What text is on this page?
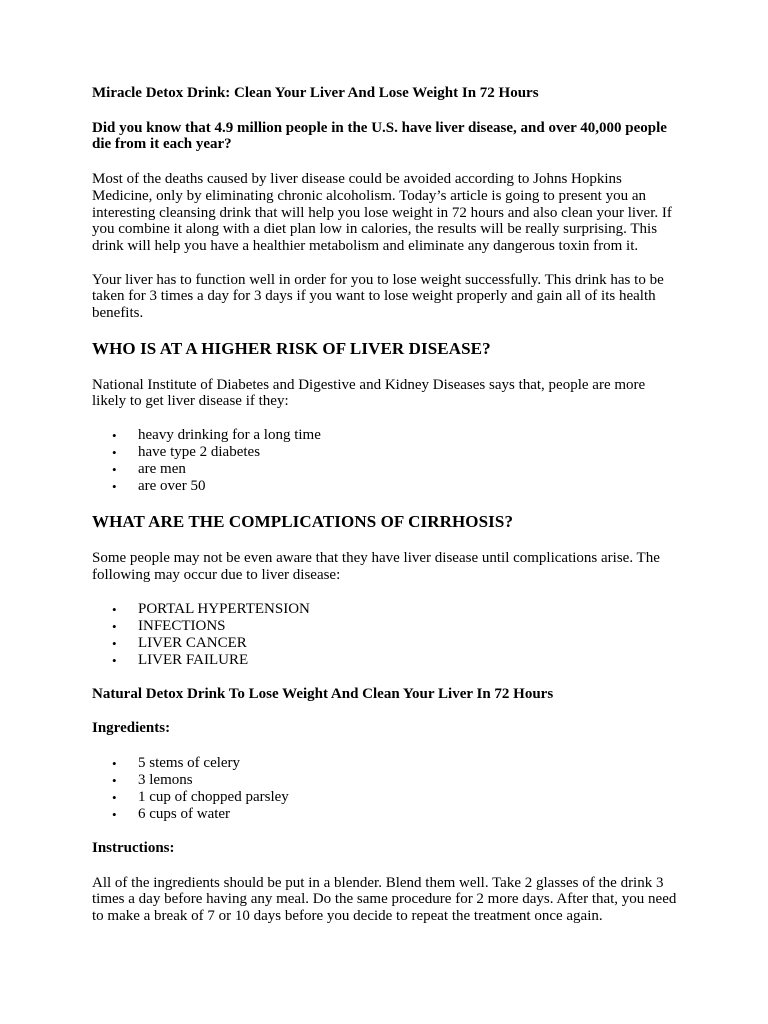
Miracle Detox Drink: Clean Your Liver And Lose Weight In 72 Hours

Did you know that 4.9 million people in the U.S. have liver disease, and over 40,000 people die from it each year?

Most of the deaths caused by liver disease could be avoided according to Johns Hopkins Medicine, only by eliminating chronic alcoholism. Today’s article is going to present you an interesting cleansing drink that will help you lose weight in 72 hours and also clean your liver. If you combine it along with a diet plan low in calories, the results will be really surprising. This drink will help you have a healthier metabolism and eliminate any dangerous toxin from it.

Your liver has to function well in order for you to lose weight successfully. This drink has to be taken for 3 times a day for 3 days if you want to lose weight properly and gain all of its health benefits.

WHO IS AT A HIGHER RISK OF LIVER DISEASE?

National Institute of Diabetes and Digestive and Kidney Diseases says that, people are more likely to get liver disease if they:

• heavy drinking for a long time
• have type 2 diabetes
• are men
• are over 50
WHAT ARE THE COMPLICATIONS OF CIRRHOSIS?

Some people may not be even aware that they have liver disease until complications arise. The following may occur due to liver disease:

• PORTAL HYPERTENSION
• INFECTIONS
• LIVER CANCER
• LIVER FAILURE

Natural Detox Drink To Lose Weight And Clean Your Liver In 72 Hours

Ingredients:

• 5 stems of celery
• 3 lemons
• 1 cup of chopped parsley
• 6 cups of water

Instructions:

All of the ingredients should be put in a blender. Blend them well. Take 2 glasses of the drink 3 times a day before having any meal. Do the same procedure for 2 more days. After that, you need to make a break of 7 or 10 days before you decide to repeat the treatment once again.
